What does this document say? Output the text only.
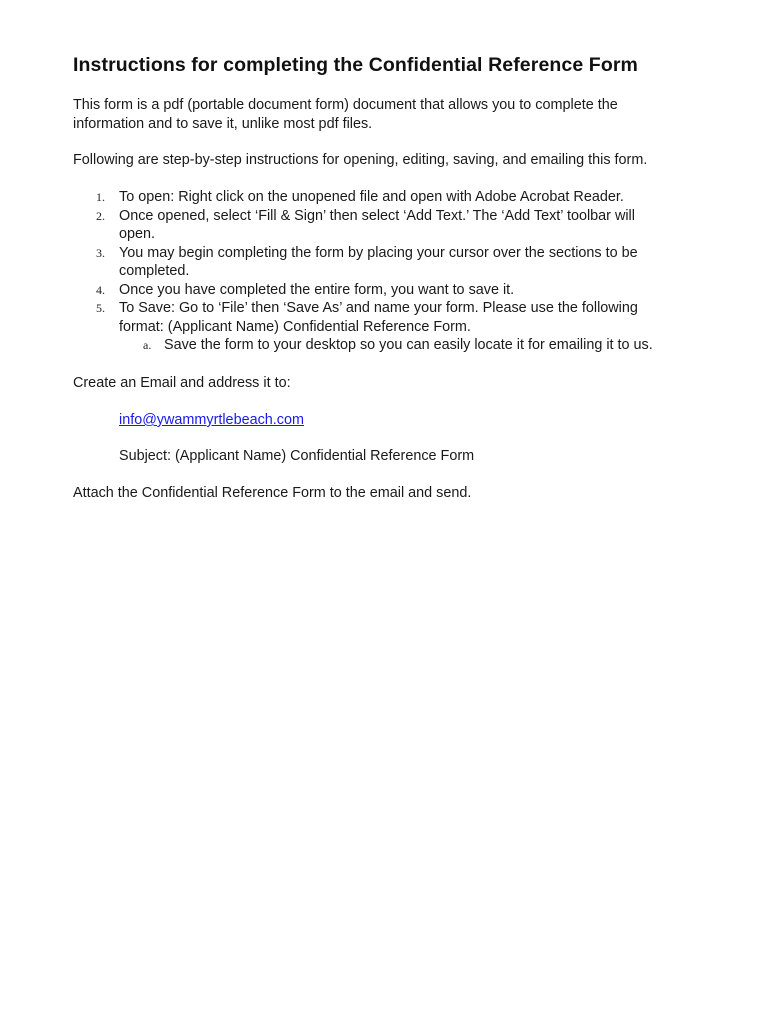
Instructions for completing the Confidential Reference Form
This form is a pdf (portable document form) document that allows you to complete the
information and to save it, unlike most pdf files.
Following are step-by-step instructions for opening, editing, saving, and emailing this form.
1. To open: Right click on the unopened file and open with Adobe Acrobat Reader.
2. Once opened, select ‘Fill & Sign’ then select ‘Add Text.’ The ‘Add Text’ toolbar will
open.
3. You may begin completing the form by placing your cursor over the sections to be
completed.
4. Once you have completed the entire form, you want to save it.
5. To Save: Go to ‘File’ then ‘Save As’ and name your form. Please use the following
format: (Applicant Name) Confidential Reference Form.
a. Save the form to your desktop so you can easily locate it for emailing it to us.
Create an Email and address it to:
info@ywammyrtlebeach.com
Subject: (Applicant Name) Confidential Reference Form
Attach the Confidential Reference Form to the email and send.
